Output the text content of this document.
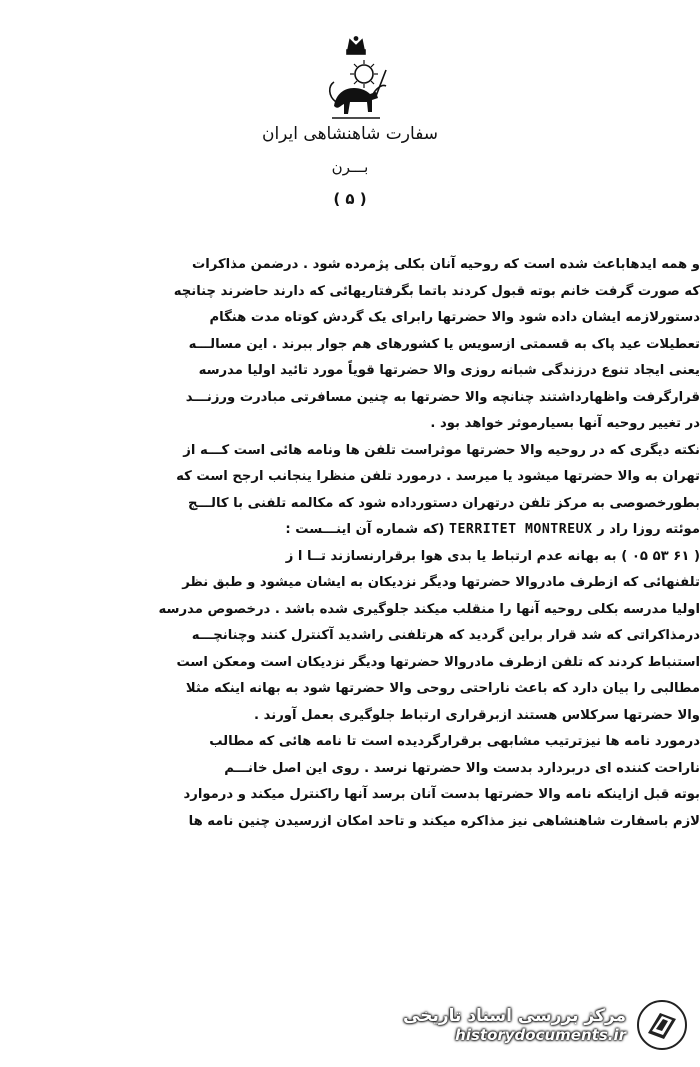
سفارت شاهنشاهی ایران
بـــرن
( ۵ )
و همه ایدهاباعث شده است که روحیه آنان بکلی پژمرده شود . درضمن مذاکرات
که صورت گرفت خانم بوته قبول کردند باتما بگرفتاریهائی که دارند حاضرند چنانچه
دستورلازمه ایشان داده شود والا حضرتها رابرای یک گردش کوتاه مدت هنگام
تعطیلات عید پاک به قسمتی ازسویس یا کشورهای هم جوار ببرند . این مسالـــه
یعنی ایجاد تنوع درزندگی شبانه روزی والا حضرتها قویاً مورد تائید اولیا مدرسه
قرارگرفت واظهارداشتند چنانچه والا حضرتها به چنین مسافرتی مبادرت ورزنـــد
در تغییر روحیه آنها بسیارموثر خواهد بود .
نکته دیگری که در روحیه والا حضرتها موثراست تلفن ها ونامه هائی است کـــه از
تهران به والا حضرتها میشود یا میرسد . درمورد تلفن منظرا ینجانب ارجح است که
بطورخصوصی به مرکز تلفن درتهران دستورداده شود که مکالمه تلفنی با کالـــج
موئته روزا راد ر TERRITET MONTREUX (که شماره آن اینـــست :
( ۶۱ ۵۳ ۰۵ ) به بهانه عدم ارتباط یا بدی هوا برقرارنسازند تــا ا ز
تلفنهائی که ازطرف مادروالا حضرتها ودیگر نزدیکان به ایشان میشود و طبق نظر
اولیا مدرسه بکلی روحیه آنها را منقلب میکند جلوگیری شده باشد . درخصوص مدرسه
درمذاکراتی که شد قرار براین گردید که هرتلفنی راشدید آکنترل کنند وچنانچـــه
استنباط کردند که تلفن ازطرف مادروالا حضرتها ودیگر نزدیکان است ومعکن است
مطالبی را بیان دارد که باعث ناراحتی روحی والا حضرتها شود به بهانه اینکه مثلا
والا حضرتها سرکلاس هستند ازبرقراری ارتباط جلوگیری بعمل آورند .
درمورد نامه ها نیزترتیب مشابهی برقرارگردیده است تا نامه هائی که مطالب
ناراحت کننده ای دربردارد بدست والا حضرتها نرسد . روی این اصل خانـــم
بوته قبل ازاینکه نامه والا حضرتها بدست آنان برسد آنها راکنترل میکند و درموارد
لازم باسفارت شاهنشاهی نیز مذاکره میکند و تاحد امکان ازرسیدن چنین نامه ها
مرکز بررسی اسناد تاریخی
historydocuments.ir
